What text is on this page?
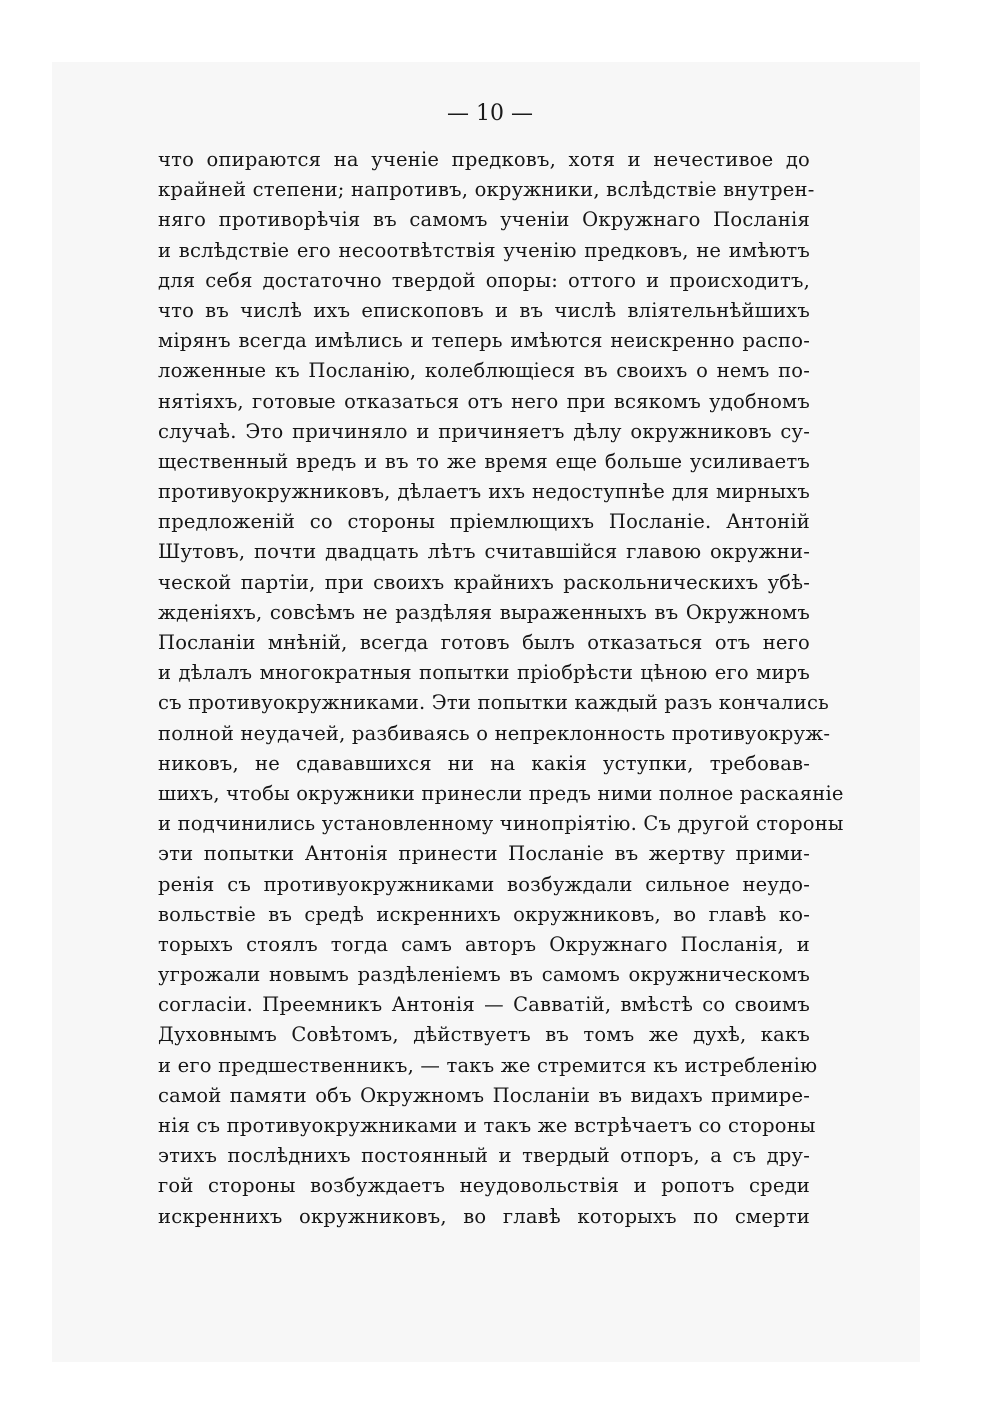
— 10 —
что опираются на ученіе предковъ, хотя и нечестивое до
крайней степени; напротивъ, окружники, вслѣдствіе внутрен-
няго противорѣчія въ самомъ ученіи Окружнаго Посланія
и вслѣдствіе его несоотвѣтствія ученію предковъ, не имѣютъ
для себя достаточно твердой опоры: оттого и происходитъ,
что въ числѣ ихъ епископовъ и въ числѣ вліятельнѣйшихъ
мірянъ всегда имѣлись и теперь имѣются неискренно распо-
ложенные къ Посланію, колеблющіеся въ своихъ о немъ по-
нятіяхъ, готовые отказаться отъ него при всякомъ удобномъ
случаѣ. Это причиняло и причиняетъ дѣлу окружниковъ су-
щественный вредъ и въ то же время еще больше усиливаетъ
противуокружниковъ, дѣлаетъ ихъ недоступнѣе для мирныхъ
предложеній со стороны пріемлющихъ Посланіе. Антоній
Шутовъ, почти двадцать лѣтъ считавшійся главою окружни-
ческой партіи, при своихъ крайнихъ раскольническихъ убѣ-
жденіяхъ, совсѣмъ не раздѣляя выраженныхъ въ Окружномъ
Посланіи мнѣній, всегда готовъ былъ отказаться отъ него
и дѣлалъ многократныя попытки пріобрѣсти цѣною его миръ
съ противуокружниками. Эти попытки каждый разъ кончались
полной неудачей, разбиваясь о непреклонность противуокруж-
никовъ, не сдававшихся ни на какія уступки, требовав-
шихъ, чтобы окружники принесли предъ ними полное раскаяніе
и подчинились установленному чинопріятію. Съ другой стороны
эти попытки Антонія принести Посланіе въ жертву прими-
ренія съ противуокружниками возбуждали сильное неудо-
вольствіе въ средѣ искреннихъ окружниковъ, во главѣ ко-
торыхъ стоялъ тогда самъ авторъ Окружнаго Посланія, и
угрожали новымъ раздѣленіемъ въ самомъ окружническомъ
согласіи. Преемникъ Антонія — Савватій, вмѣстѣ со своимъ
Духовнымъ Совѣтомъ, дѣйствуетъ въ томъ же духѣ, какъ
и его предшественникъ, — такъ же стремится къ истребленію
самой памяти объ Окружномъ Посланіи въ видахъ примире-
нія съ противуокружниками и такъ же встрѣчаетъ со стороны
этихъ послѣднихъ постоянный и твердый отпоръ, а съ дру-
гой стороны возбуждаетъ неудовольствія и ропотъ среди
искреннихъ окружниковъ, во главѣ которыхъ по смерти
